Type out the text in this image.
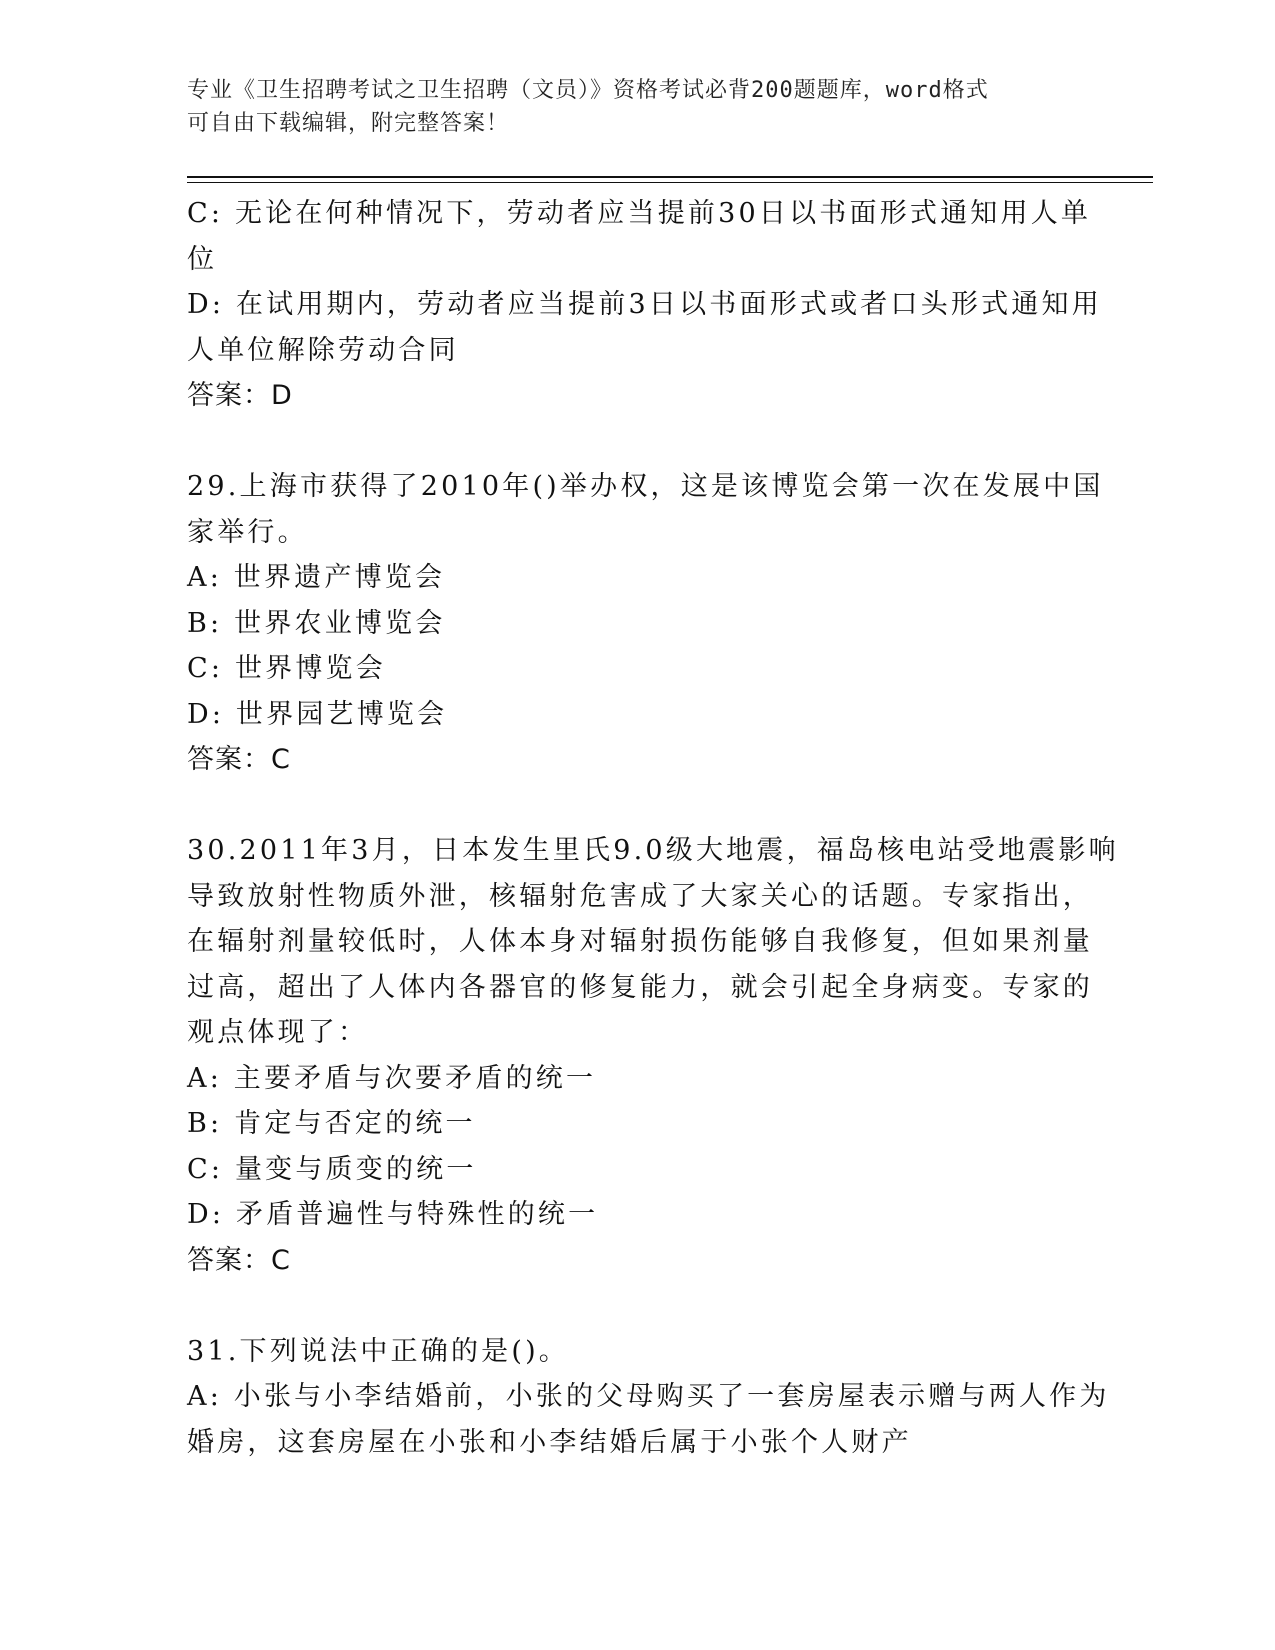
专业《卫生招聘考试之卫生招聘（文员）》资格考试必背200题题库，word格式
可自由下载编辑，附完整答案！
C: 无论在何种情况下，劳动者应当提前30日以书面形式通知用人单
位
D: 在试用期内，劳动者应当提前3日以书面形式或者口头形式通知用
人单位解除劳动合同
答案：D
29.上海市获得了2010年()举办权，这是该博览会第一次在发展中国
家举行。
A: 世界遗产博览会
B: 世界农业博览会
C: 世界博览会
D: 世界园艺博览会
答案：C
30.2011年3月，日本发生里氏9.0级大地震，福岛核电站受地震影响
导致放射性物质外泄，核辐射危害成了大家关心的话题。专家指出，
在辐射剂量较低时，人体本身对辐射损伤能够自我修复，但如果剂量
过高，超出了人体内各器官的修复能力，就会引起全身病变。专家的
观点体现了：
A: 主要矛盾与次要矛盾的统一
B: 肯定与否定的统一
C: 量变与质变的统一
D: 矛盾普遍性与特殊性的统一
答案：C
31.下列说法中正确的是()。
A: 小张与小李结婚前，小张的父母购买了一套房屋表示赠与两人作为
婚房，这套房屋在小张和小李结婚后属于小张个人财产
